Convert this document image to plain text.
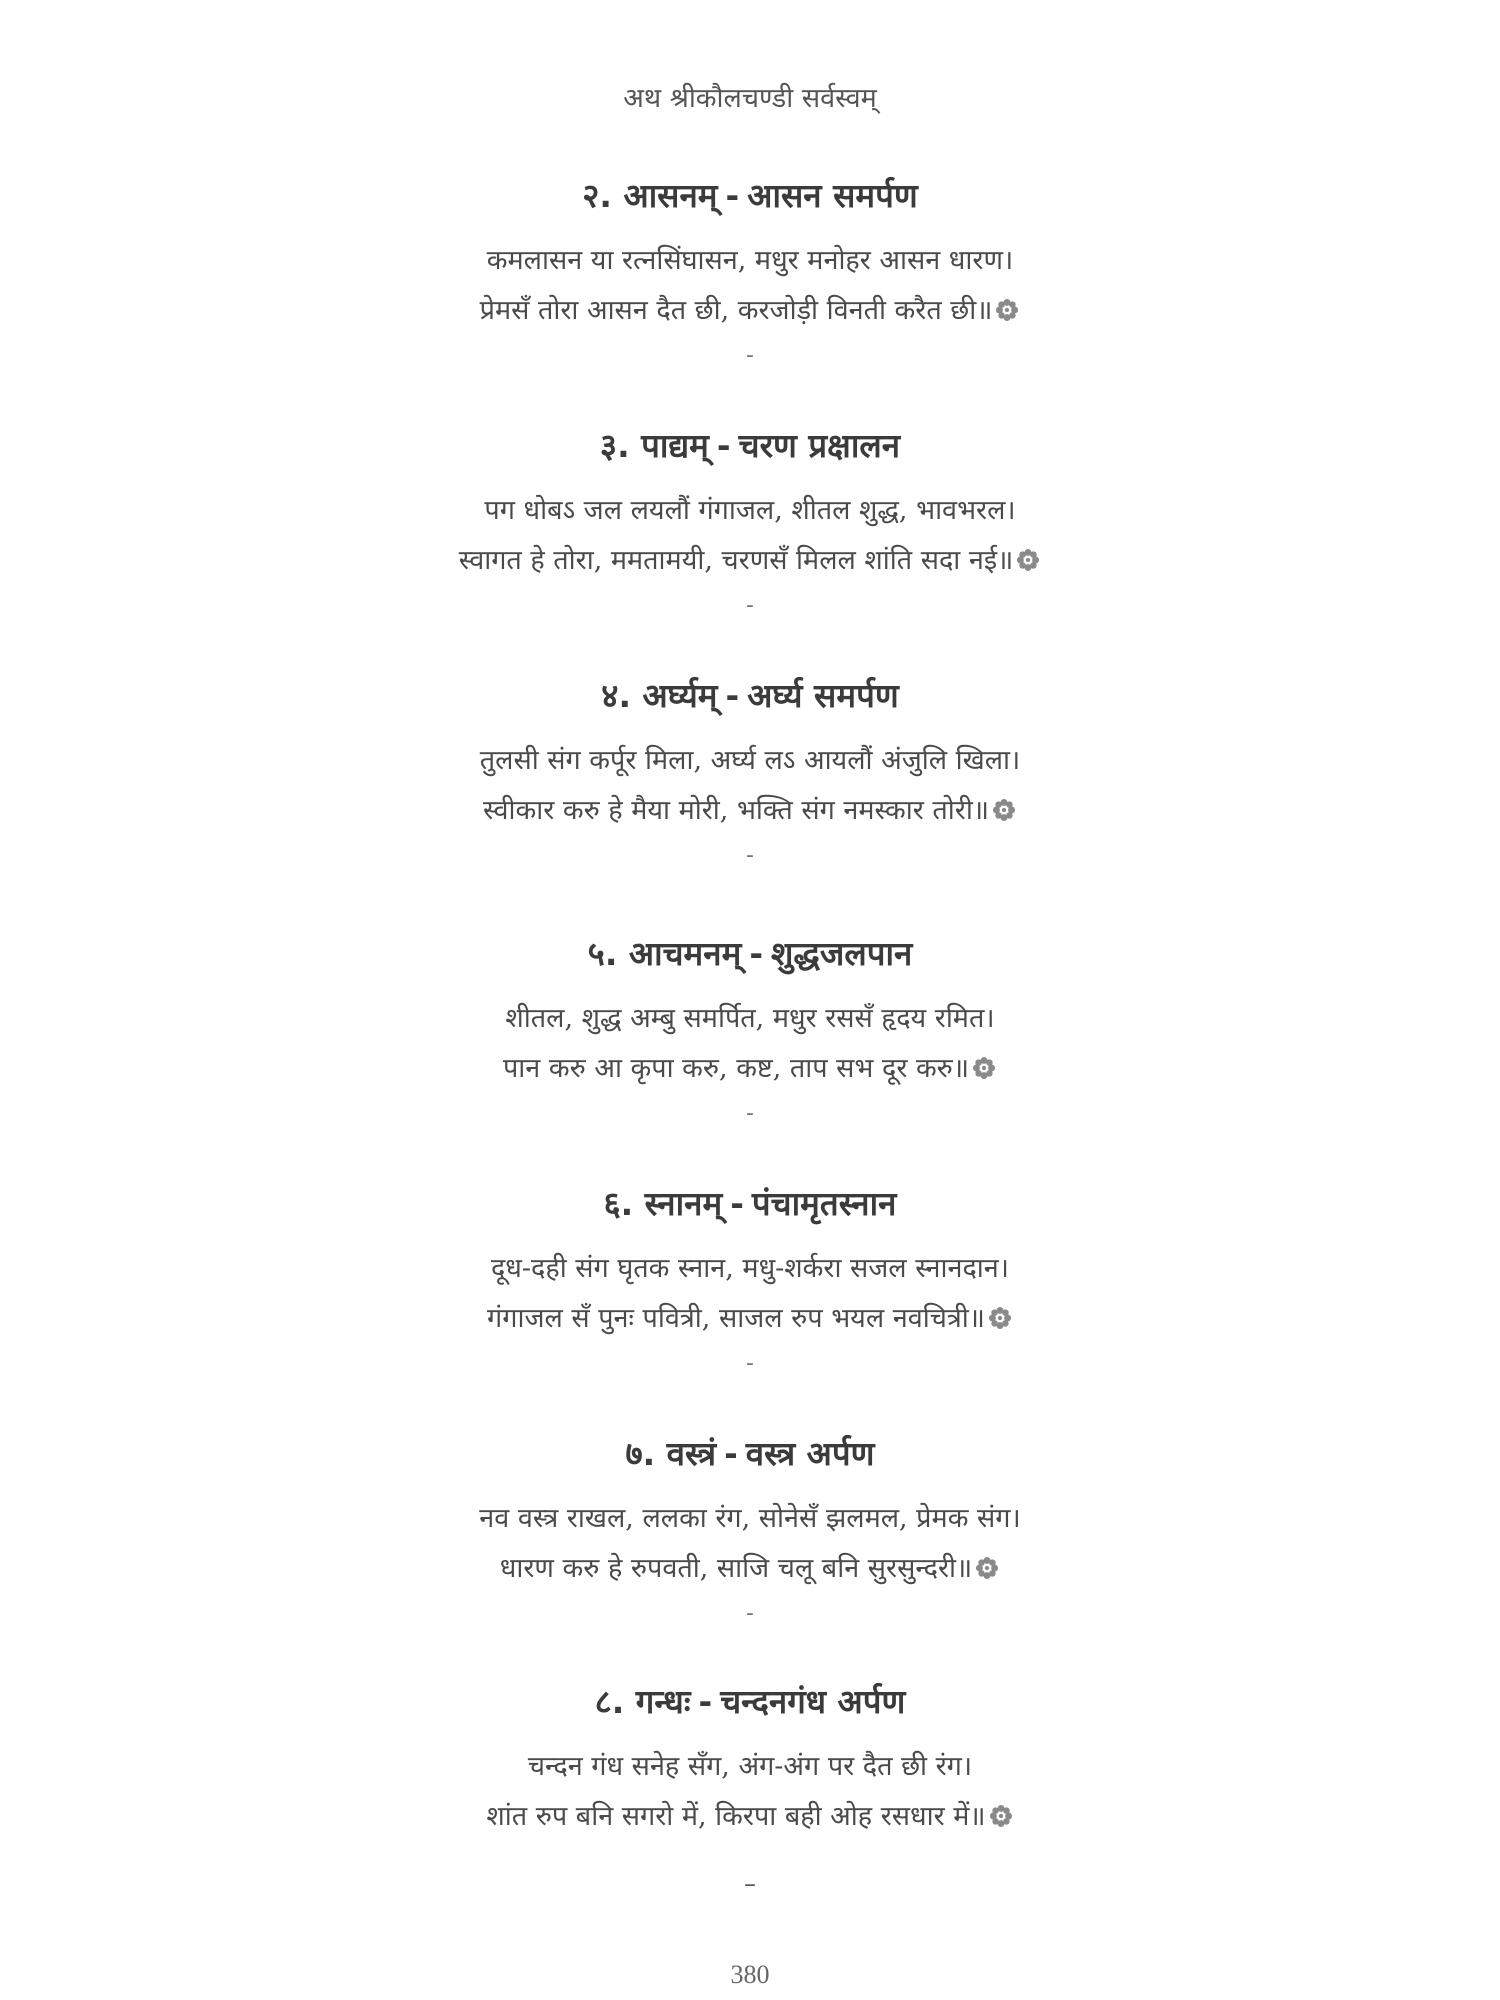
अथ श्रीकौलचण्डी सर्वस्वम्
२. आसनम् - आसन समर्पण
कमलासन या रत्नसिंघासन, मधुर मनोहर आसन धारण।
प्रेमसँ तोरा आसन दैत छी, करजोड़ी विनती करैत छी॥
-
३. पाद्यम् - चरण प्रक्षालन
पग धोबऽ जल लयलौं गंगाजल, शीतल शुद्ध, भावभरल।
स्वागत हे तोरा, ममतामयी, चरणसँ मिलल शांति सदा नई॥
-
४. अर्घ्यम् - अर्घ्य समर्पण
तुलसी संग कर्पूर मिला, अर्घ्य लऽ आयलौं अंजुलि खिला।
स्वीकार करु हे मैया मोरी, भक्ति संग नमस्कार तोरी॥
-
५. आचमनम् - शुद्धजलपान
शीतल, शुद्ध अम्बु समर्पित, मधुर रससँ हृदय रमित।
पान करु आ कृपा करु, कष्ट, ताप सभ दूर करु॥
-
६. स्नानम् - पंचामृतस्नान
दूध-दही संग घृतक स्नान, मधु-शर्करा सजल स्नानदान।
गंगाजल सँ पुनः पवित्री, साजल रुप भयल नवचित्री॥
-
७. वस्त्रं - वस्त्र अर्पण
नव वस्त्र राखल, ललका रंग, सोनेसँ झलमल, प्रेमक संग।
धारण करु हे रुपवती, साजि चलू बनि सुरसुन्दरी॥
-
८. गन्धः - चन्दनगंध अर्पण
चन्दन गंध सनेह सँग, अंग-अंग पर दैत छी रंग।
शांत रुप बनि सगरो में, किरपा बही ओह रसधार में॥
–
380
